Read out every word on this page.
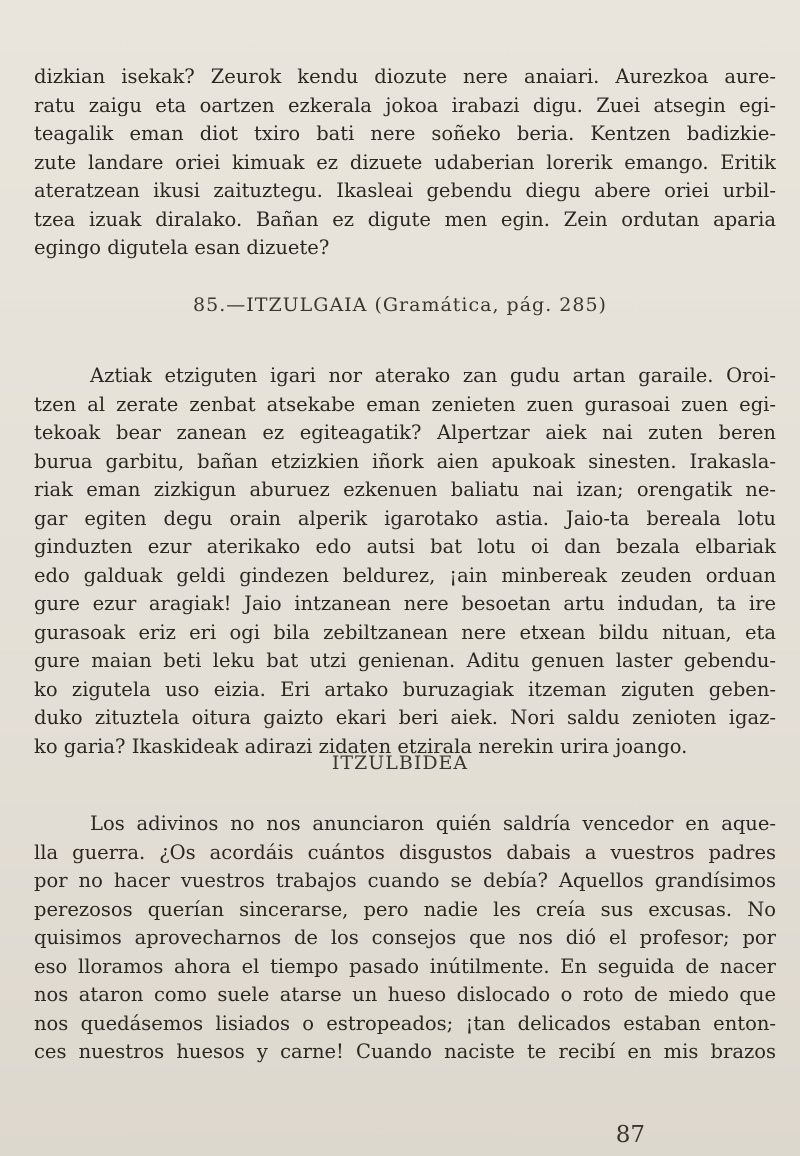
dizkian isekak? Zeurok kendu diozute nere anaiari. Aurezkoa aure-
ratu zaigu eta oartzen ezkerala jokoa irabazi digu. Zuei atsegin egi-
teagalik eman diot txiro bati nere soñeko beria. Kentzen badizkie-
zute landare oriei kimuak ez dizuete udaberian lorerik emango. Eritik
ateratzean ikusi zaituztegu. Ikasleai gebendu diegu abere oriei urbil-
tzea izuak diralako. Bañan ez digute men egin. Zein ordutan aparia
egingo digutela esan dizuete?
85.—ITZULGAIA (Gramática, pág. 285)
Aztiak etziguten igari nor aterako zan gudu artan garaile. Oroi-
tzen al zerate zenbat atsekabe eman zenieten zuen gurasoai zuen egi-
tekoak bear zanean ez egiteagatik? Alpertzar aiek nai zuten beren
burua garbitu, bañan etzizkien iñork aien apukoak sinesten. Irakasla-
riak eman zizkigun aburuez ezkenuen baliatu nai izan; orengatik ne-
gar egiten degu orain alperik igarotako astia. Jaio-ta bereala lotu
ginduzten ezur aterikako edo autsi bat lotu oi dan bezala elbariak
edo galduak geldi gindezen beldurez, ¡ain minbereak zeuden orduan
gure ezur aragiak! Jaio intzanean nere besoetan artu indudan, ta ire
gurasoak eriz eri ogi bila zebiltzanean nere etxean bildu nituan, eta
gure maian beti leku bat utzi genienan. Aditu genuen laster gebendu-
ko zigutela uso eizia. Eri artako buruzagiak itzeman ziguten geben-
duko zituztela oitura gaizto ekari beri aiek. Nori saldu zenioten igaz-
ko garia? Ikaskideak adirazi zidaten etzirala nerekin urira joango.
ITZULBIDEA
Los adivinos no nos anunciaron quién saldría vencedor en aque-
lla guerra. ¿Os acordáis cuántos disgustos dabais a vuestros padres
por no hacer vuestros trabajos cuando se debía? Aquellos grandísimos
perezosos querían sincerarse, pero nadie les creía sus excusas. No
quisimos aprovecharnos de los consejos que nos dió el profesor; por
eso lloramos ahora el tiempo pasado inútilmente. En seguida de nacer
nos ataron como suele atarse un hueso dislocado o roto de miedo que
nos quedásemos lisiados o estropeados; ¡tan delicados estaban enton-
ces nuestros huesos y carne! Cuando naciste te recibí en mis brazos
87
